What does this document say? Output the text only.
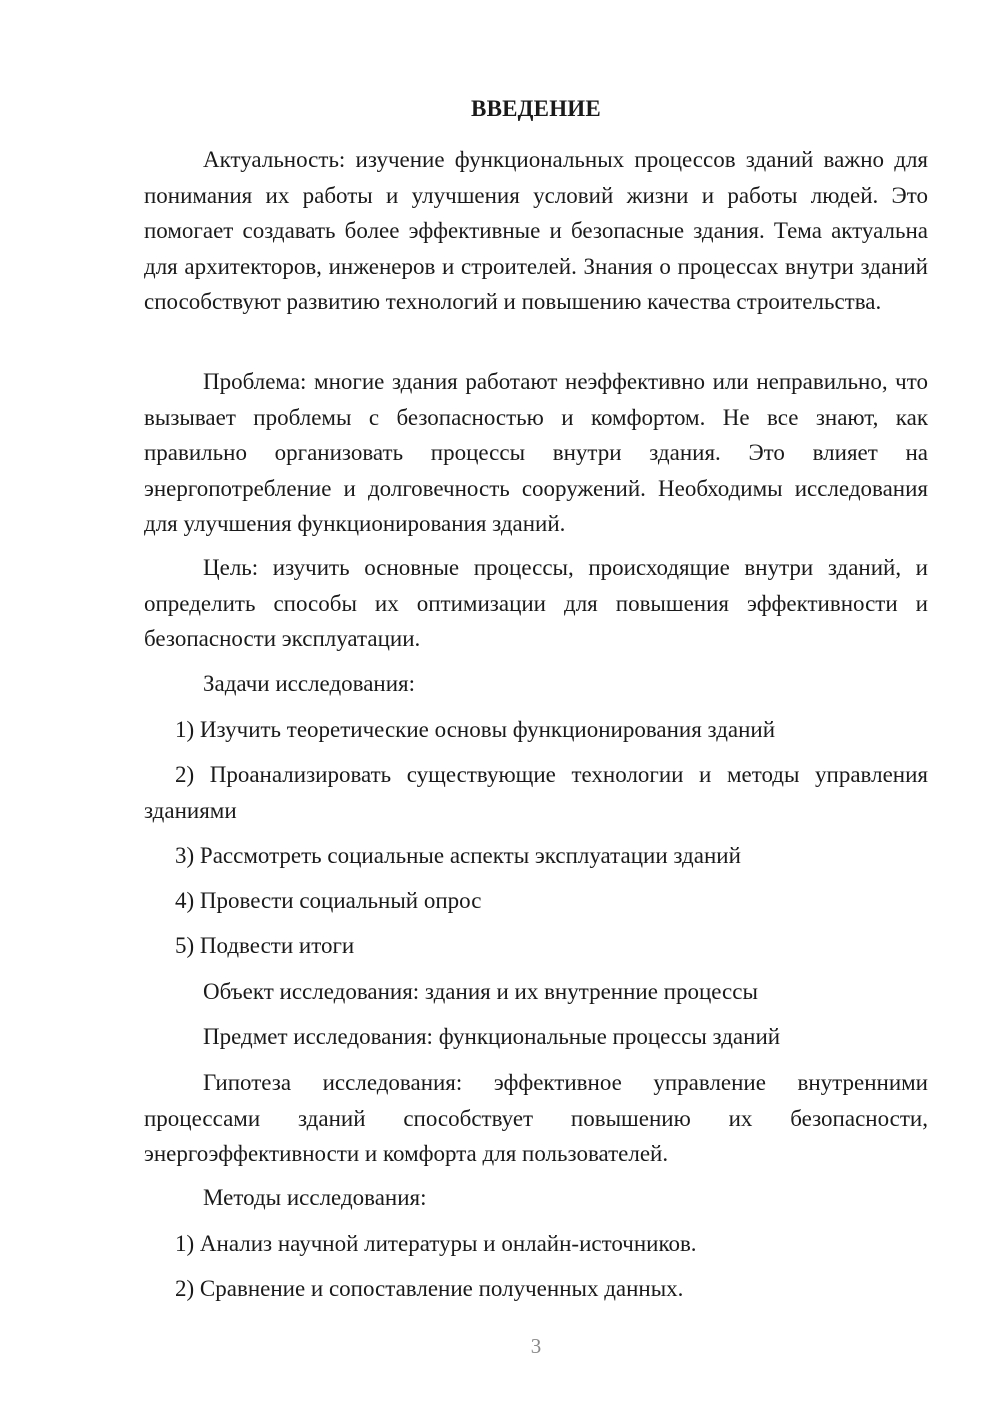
ВВЕДЕНИЕ

Актуальность: изучение функциональных процессов зданий важно для понимания их работы и улучшения условий жизни и работы людей. Это помогает создавать более эффективные и безопасные здания. Тема актуальна для архитекторов, инженеров и строителей. Знания о процессах внутри зданий способствуют развитию технологий и повышению качества строительства.

Проблема: многие здания работают неэффективно или неправильно, что вызывает проблемы с безопасностью и комфортом. Не все знают, как правильно организовать процессы внутри здания. Это влияет на энергопотребление и долговечность сооружений. Необходимы исследования для улучшения функционирования зданий.

Цель: изучить основные процессы, происходящие внутри зданий, и определить способы их оптимизации для повышения эффективности и безопасности эксплуатации.

Задачи исследования:

1) Изучить теоретические основы функционирования зданий

2) Проанализировать существующие технологии и методы управления зданиями

3) Рассмотреть социальные аспекты эксплуатации зданий

4) Провести социальный опрос

5) Подвести итоги

Объект исследования: здания и их внутренние процессы

Предмет исследования: функциональные процессы зданий

Гипотеза исследования: эффективное управление внутренними процессами зданий способствует повышению их безопасности, энергоэффективности и комфорта для пользователей.

Методы исследования:

1) Анализ научной литературы и онлайн-источников.

2) Сравнение и сопоставление полученных данных.

3
